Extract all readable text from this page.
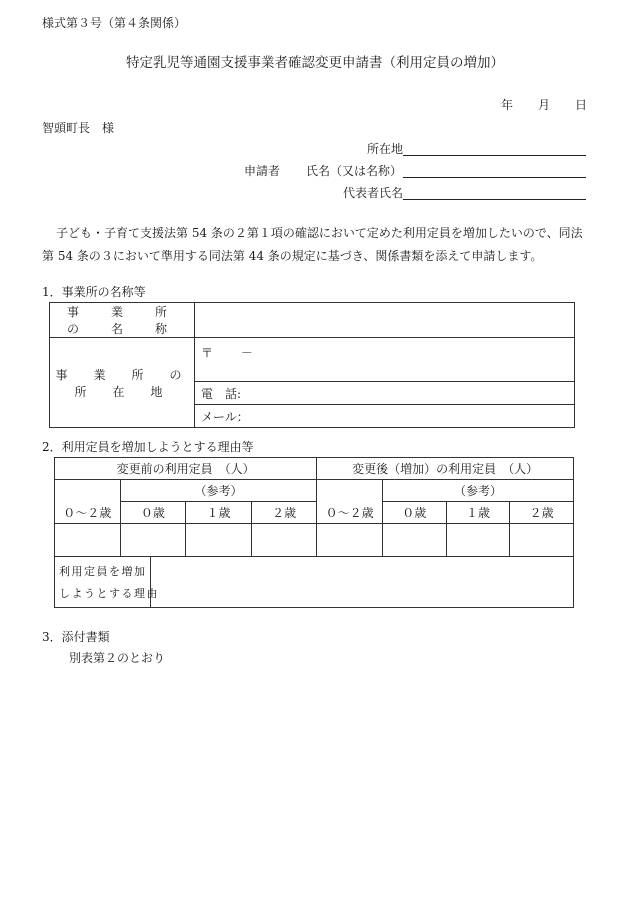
様式第３号（第４条関係）
特定乳児等通園支援事業者確認変更申請書（利用定員の増加）
年 月 日
智頭町長　様
所在地
申請者 氏名（又は名称）
代表者氏名
子ども・子育て支援法第 54 条の２第１項の確認において定めた利用定員を増加したいので、同法第 54 条の３において準用する同法第 44 条の規定に基づき、関係書類を添えて申請します。
1．事業所の名称等
事　業　所　の　名　称	
事　業　所　の　所　在　地	〒　　 －
	電　話:
	メール：
2．利用定員を増加しようとする理由等
変更前の利用定員　（人）				変更後（増加）の利用定員　（人）			
	（参考）				（参考）		

０～２歳	０歳	１歳	２歳	０～２歳	０歳	１歳	２歳

利用定員を増加
しようとする理由							
3．添付書類
別表第２のとおり
